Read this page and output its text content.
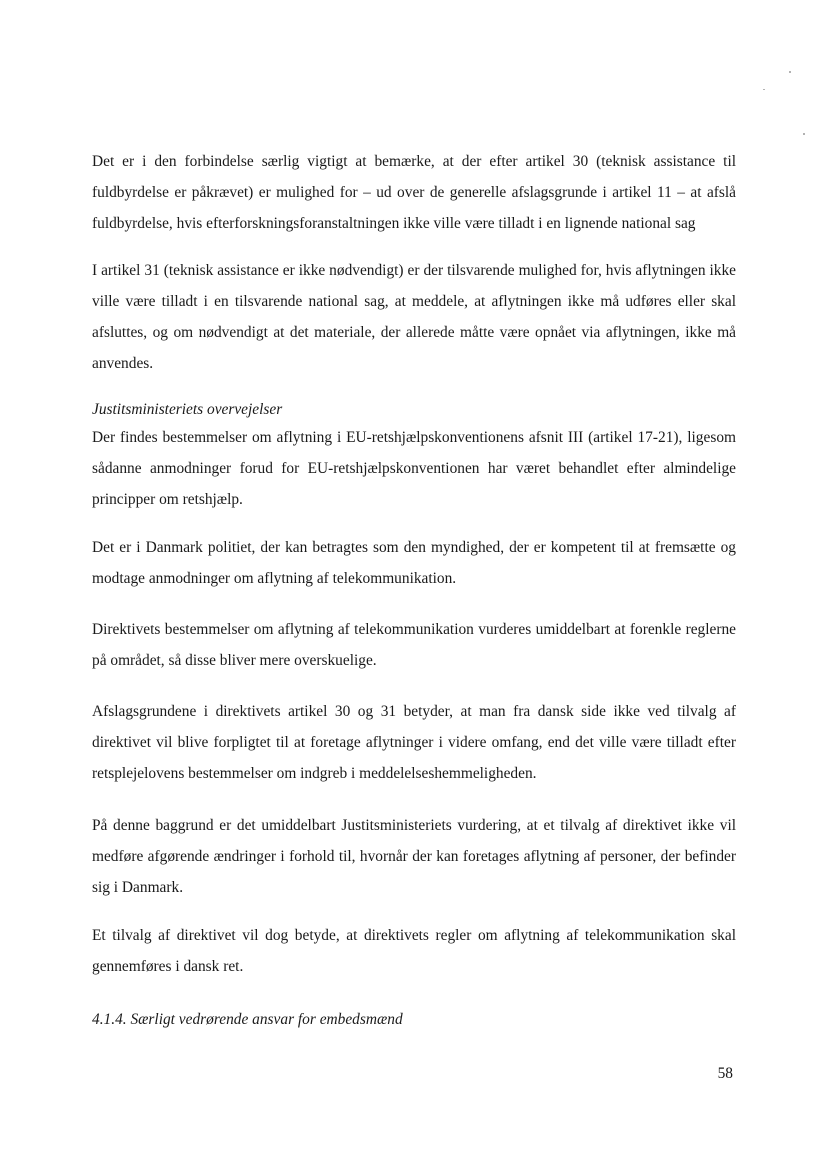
Det er i den forbindelse særlig vigtigt at bemærke, at der efter artikel 30 (teknisk assistance til fuldbyrdelse er påkrævet) er mulighed for – ud over de generelle afslagsgrunde i artikel 11 – at afslå fuldbyrdelse, hvis efterforskningsforanstaltningen ikke ville være tilladt i en lignende national sag

I artikel 31 (teknisk assistance er ikke nødvendigt) er der tilsvarende mulighed for, hvis aflytningen ikke ville være tilladt i en tilsvarende national sag, at meddele, at aflytningen ikke må udføres eller skal afsluttes, og om nødvendigt at det materiale, der allerede måtte være opnået via aflytningen, ikke må anvendes.

Justitsministeriets overvejelser

Der findes bestemmelser om aflytning i EU-retshjælpskonventionens afsnit III (artikel 17-21), ligesom sådanne anmodninger forud for EU-retshjælpskonventionen har været behandlet efter almindelige principper om retshjælp.

Det er i Danmark politiet, der kan betragtes som den myndighed, der er kompetent til at fremsætte og modtage anmodninger om aflytning af telekommunikation.

Direktivets bestemmelser om aflytning af telekommunikation vurderes umiddelbart at forenkle reglerne på området, så disse bliver mere overskuelige.

Afslagsgrundene i direktivets artikel 30 og 31 betyder, at man fra dansk side ikke ved tilvalg af direktivet vil blive forpligtet til at foretage aflytninger i videre omfang, end det ville være tilladt efter retsplejelovens bestemmelser om indgreb i meddelelseshemmeligheden.

På denne baggrund er det umiddelbart Justitsministeriets vurdering, at et tilvalg af direktivet ikke vil medføre afgørende ændringer i forhold til, hvornår der kan foretages aflytning af personer, der befinder sig i Danmark.

Et tilvalg af direktivet vil dog betyde, at direktivets regler om aflytning af telekommunikation skal gennemføres i dansk ret.

4.1.4. Særligt vedrørende ansvar for embedsmænd

58
